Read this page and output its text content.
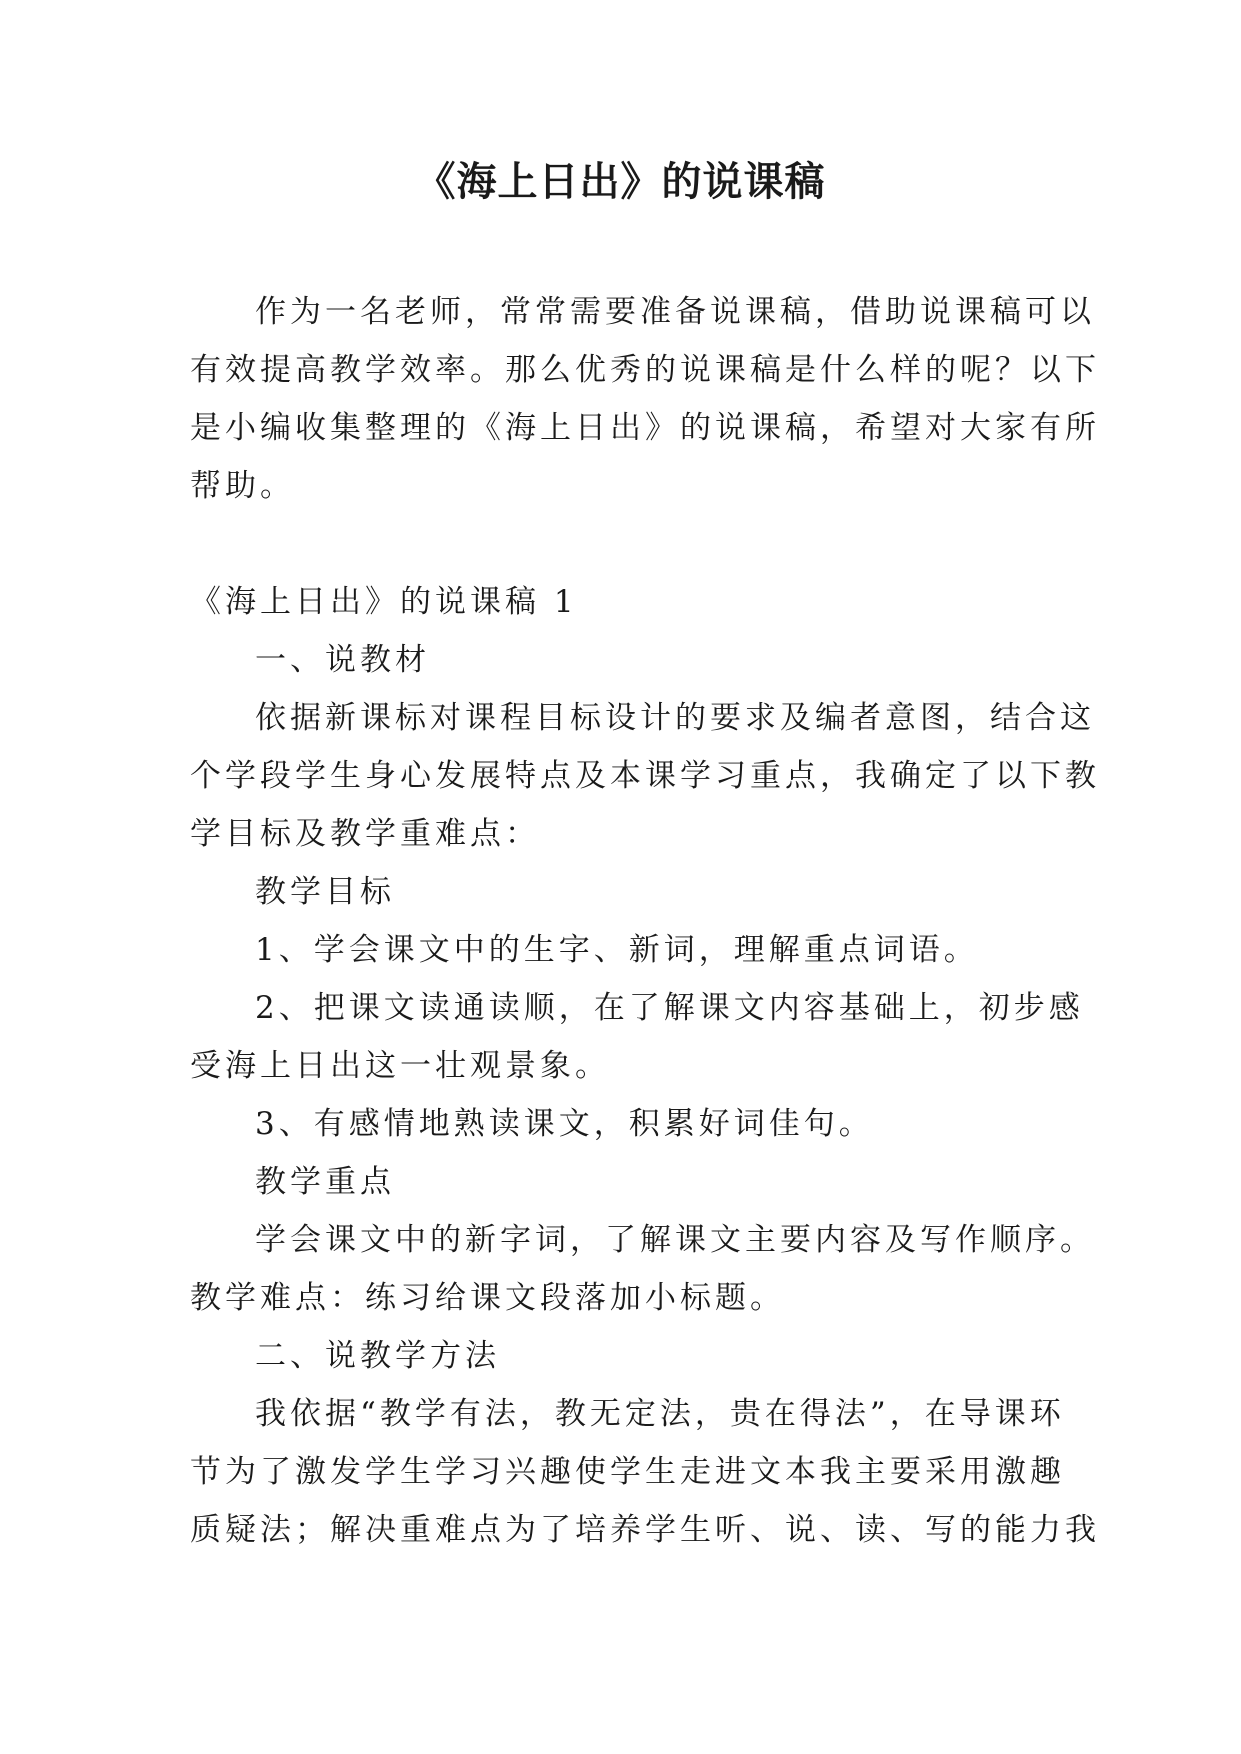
《海上日出》的说课稿
作为一名老师，常常需要准备说课稿，借助说课稿可以
有效提高教学效率。那么优秀的说课稿是什么样的呢？以下
是小编收集整理的《海上日出》的说课稿，希望对大家有所
帮助。
《海上日出》的说课稿 1
一、说教材
依据新课标对课程目标设计的要求及编者意图，结合这
个学段学生身心发展特点及本课学习重点，我确定了以下教
学目标及教学重难点：
教学目标
1、学会课文中的生字、新词，理解重点词语。
2、把课文读通读顺，在了解课文内容基础上，初步感
受海上日出这一壮观景象。
3、有感情地熟读课文，积累好词佳句。
教学重点
学会课文中的新字词，了解课文主要内容及写作顺序。
教学难点：练习给课文段落加小标题。
二、说教学方法
我依据“教学有法，教无定法，贵在得法”，在导课环
节为了激发学生学习兴趣使学生走进文本我主要采用激趣
质疑法；解决重难点为了培养学生听、说、读、写的能力我
